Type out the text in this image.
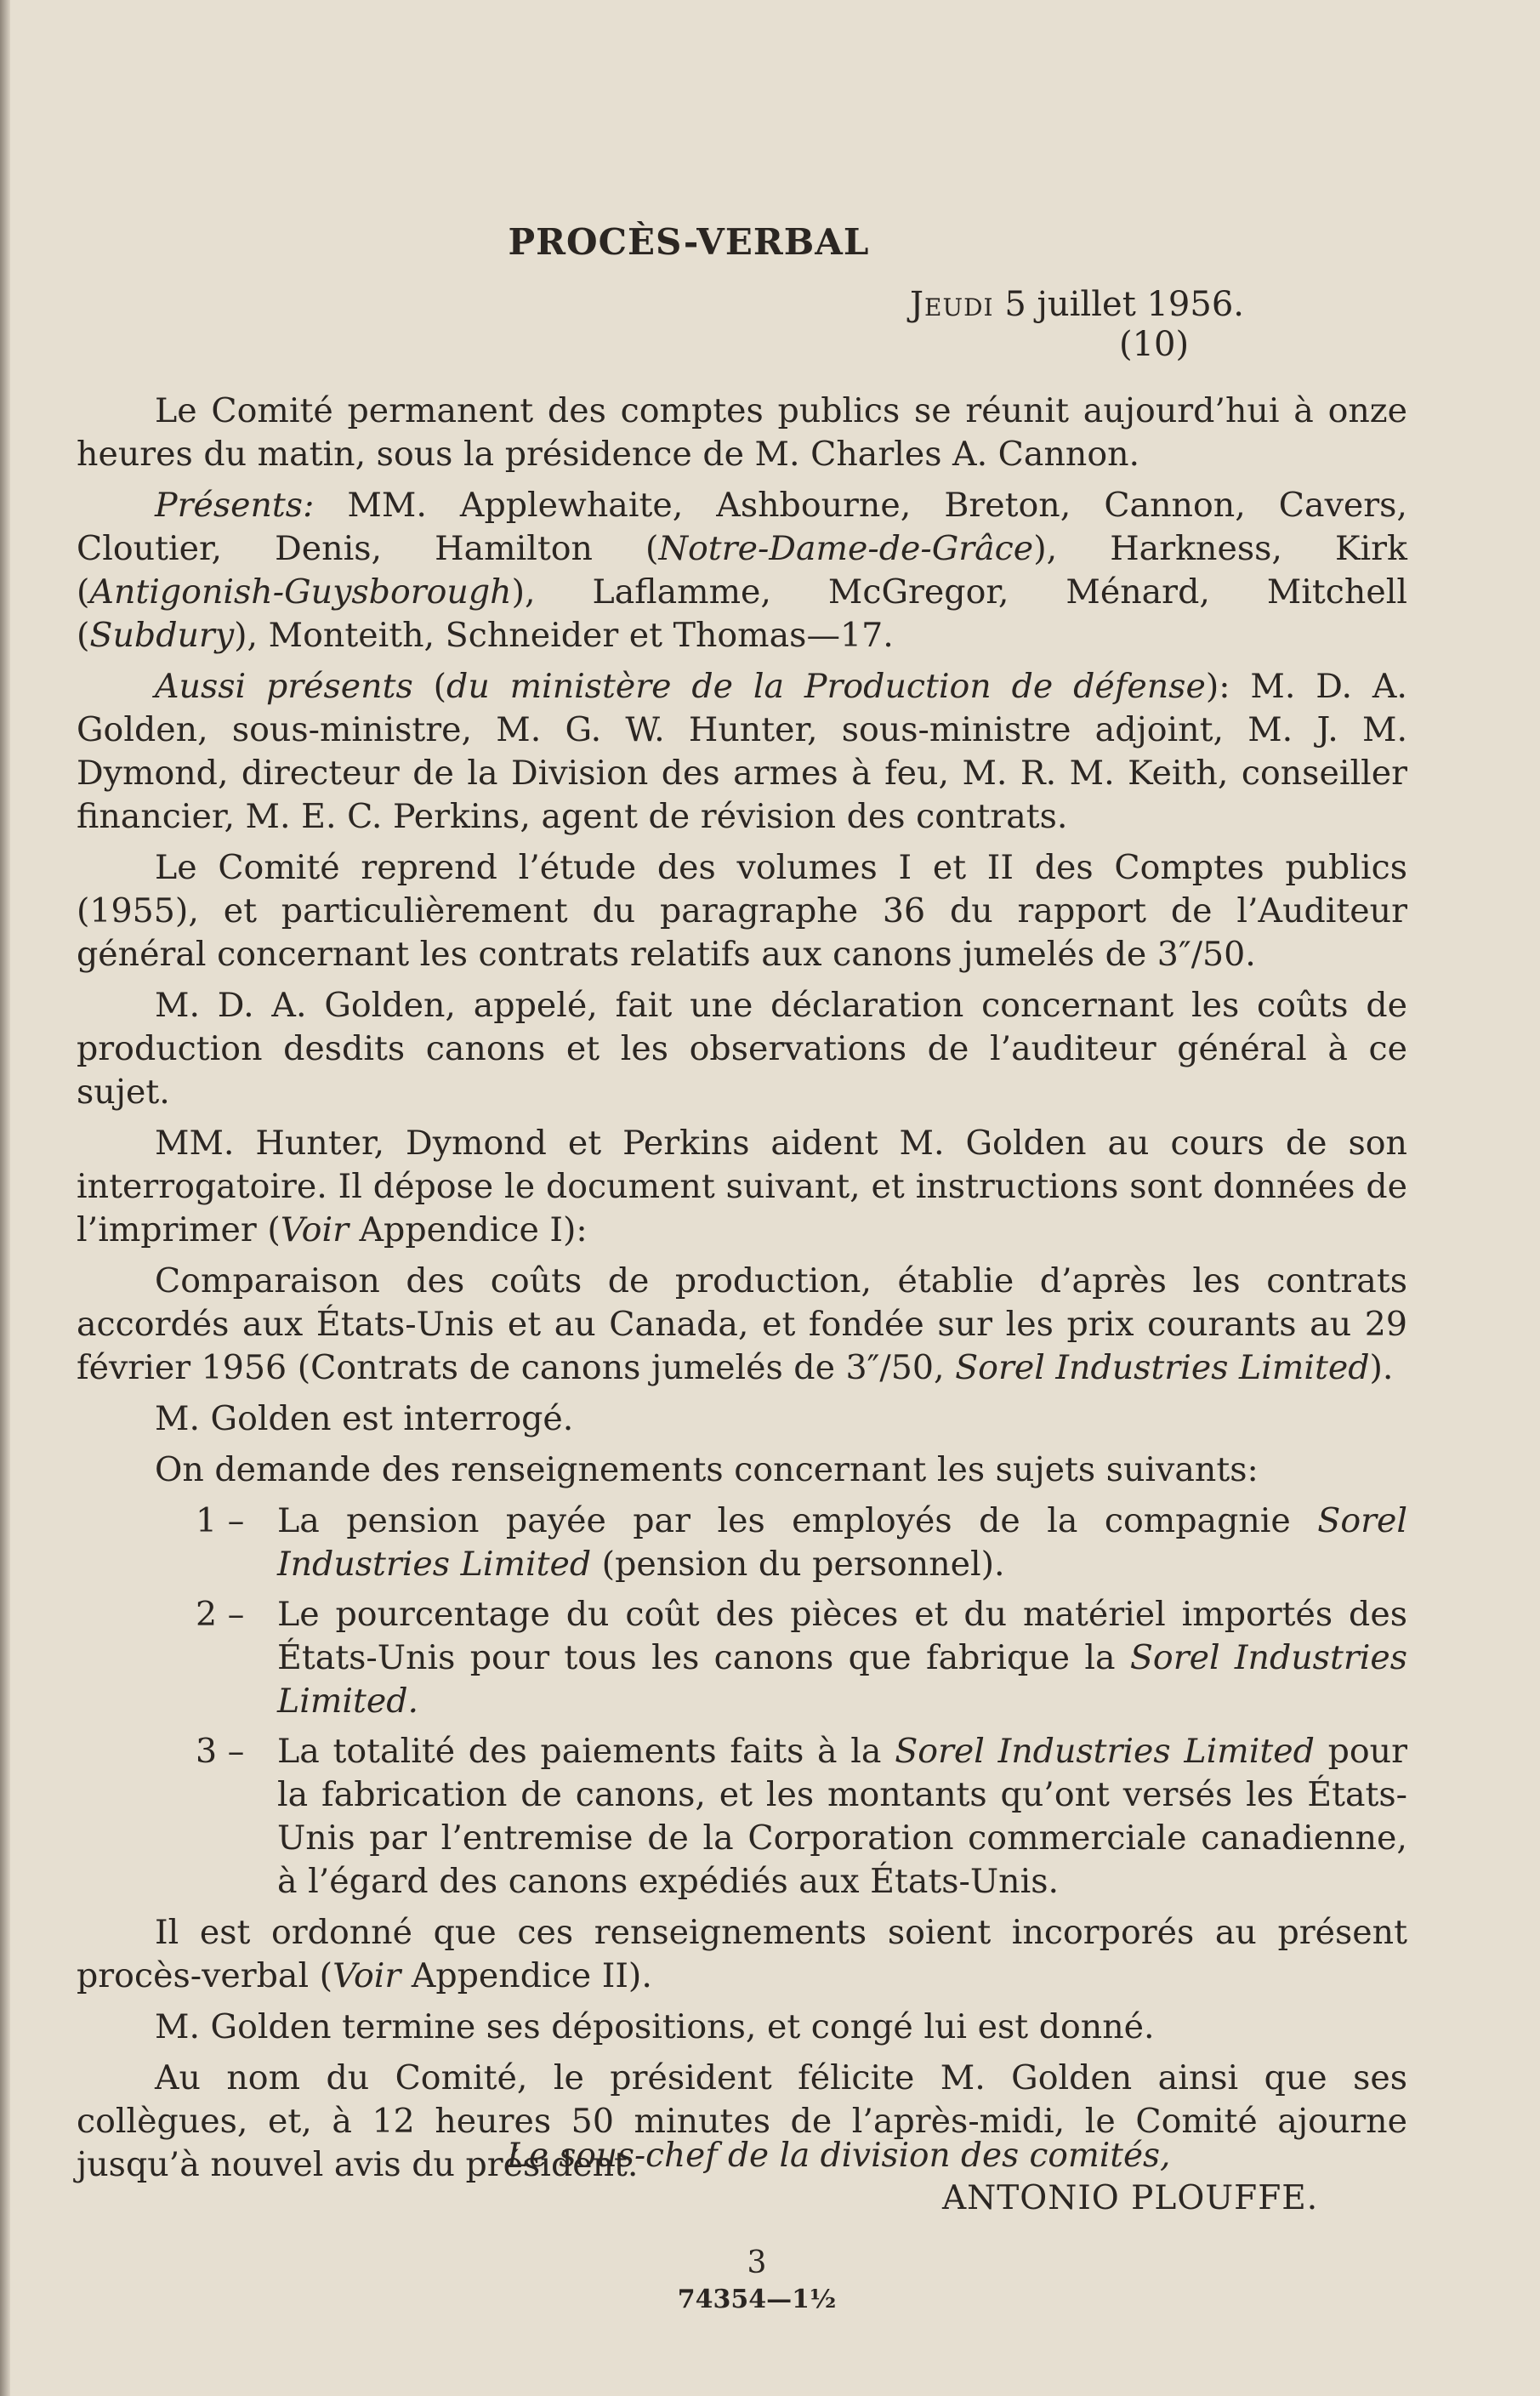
PROCÈS-VERBAL
Jeudi 5 juillet 1956.
(10)

Le Comité permanent des comptes publics se réunit aujourd’hui à onze heures du matin, sous la présidence de M. Charles A. Cannon.

Présents: MM. Applewhaite, Ashbourne, Breton, Cannon, Cavers, Cloutier, Denis, Hamilton (Notre-Dame-de-Grâce), Harkness, Kirk (Antigonish-Guysborough), Laflamme, McGregor, Ménard, Mitchell (Subdury), Monteith, Schneider et Thomas—17.

Aussi présents (du ministère de la Production de défense): M. D. A. Golden, sous-ministre, M. G. W. Hunter, sous-ministre adjoint, M. J. M. Dymond, directeur de la Division des armes à feu, M. R. M. Keith, conseiller financier, M. E. C. Perkins, agent de révision des contrats.

Le Comité reprend l’étude des volumes I et II des Comptes publics (1955), et particulièrement du paragraphe 36 du rapport de l’Auditeur général concernant les contrats relatifs aux canons jumelés de 3″/50.

M. D. A. Golden, appelé, fait une déclaration concernant les coûts de production desdits canons et les observations de l’auditeur général à ce sujet.

MM. Hunter, Dymond et Perkins aident M. Golden au cours de son interrogatoire. Il dépose le document suivant, et instructions sont données de l’imprimer (Voir Appendice I):

Comparaison des coûts de production, établie d’après les contrats accordés aux États-Unis et au Canada, et fondée sur les prix courants au 29 février 1956 (Contrats de canons jumelés de 3″/50, Sorel Industries Limited).

M. Golden est interrogé.

On demande des renseignements concernant les sujets suivants:

1 – La pension payée par les employés de la compagnie Sorel Industries Limited (pension du personnel).
2 – Le pourcentage du coût des pièces et du matériel importés des États-Unis pour tous les canons que fabrique la Sorel Industries Limited.
3 – La totalité des paiements faits à la Sorel Industries Limited pour la fabrication de canons, et les montants qu’ont versés les États-Unis par l’entremise de la Corporation commerciale canadienne, à l’égard des canons expédiés aux États-Unis.

Il est ordonné que ces renseignements soient incorporés au présent procès-verbal (Voir Appendice II).

M. Golden termine ses dépositions, et congé lui est donné.

Au nom du Comité, le président félicite M. Golden ainsi que ses collègues, et, à 12 heures 50 minutes de l’après-midi, le Comité ajourne jusqu’à nouvel avis du président.

Le sous-chef de la division des comités,
ANTONIO PLOUFFE.
3
74354—1½
